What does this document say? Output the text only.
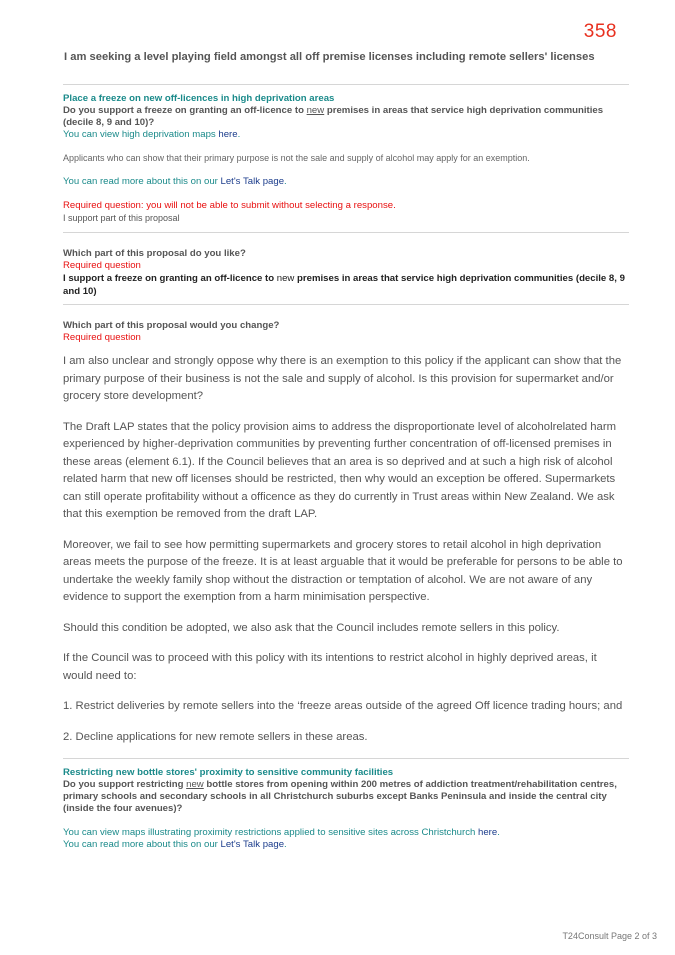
358
I am seeking a level playing field amongst all off premise licenses including remote sellers' licenses
Place a freeze on new off-licences in high deprivation areas
Do you support a freeze on granting an off-licence to new premises in areas that service high deprivation communities (decile 8, 9 and 10)?
You can view high deprivation maps here.
Applicants who can show that their primary purpose is not the sale and supply of alcohol may apply for an exemption.
You can read more about this on our Let's Talk page.
Required question: you will not be able to submit without selecting a response.
I support part of this proposal
Which part of this proposal do you like?
Required question
I support a freeze on granting an off-licence to new premises in areas that service high deprivation communities (decile 8, 9 and 10)
Which part of this proposal would you change?
Required question

I am also unclear and strongly oppose why there is an exemption to this policy if the applicant can show that the primary purpose of their business is not the sale and supply of alcohol. Is this provision for supermarket and/or grocery store development?

The Draft LAP states that the policy provision aims to address the disproportionate level of alcoholrelated harm experienced by higher-deprivation communities by preventing further concentration of off-licensed premises in these areas (element 6.1). If the Council believes that an area is so deprived and at such a high risk of alcohol related harm that new off licenses should be restricted, then why would an exception be offered. Supermarkets can still operate profitability without a officence as they do currently in Trust areas within New Zealand. We ask that this exemption be removed from the draft LAP.

Moreover, we fail to see how permitting supermarkets and grocery stores to retail alcohol in high deprivation areas meets the purpose of the freeze. It is at least arguable that it would be preferable for persons to be able to undertake the weekly family shop without the distraction or temptation of alcohol. We are not aware of any evidence to support the exemption from a harm minimisation perspective.

Should this condition be adopted, we also ask that the Council includes remote sellers in this policy.

If the Council was to proceed with this policy with its intentions to restrict alcohol in highly deprived areas, it would need to:

1. Restrict deliveries by remote sellers into the ‘freeze areas outside of the agreed Off licence trading hours; and

2. Decline applications for new remote sellers in these areas.

Restricting new bottle stores' proximity to sensitive community facilities
Do you support restricting new bottle stores from opening within 200 metres of addiction treatment/rehabilitation centres, primary schools and secondary schools in all Christchurch suburbs except Banks Peninsula and inside the central city (inside the four avenues)?
You can view maps illustrating proximity restrictions applied to sensitive sites across Christchurch here.
You can read more about this on our Let's Talk page.
T24Consult Page 2 of 3
